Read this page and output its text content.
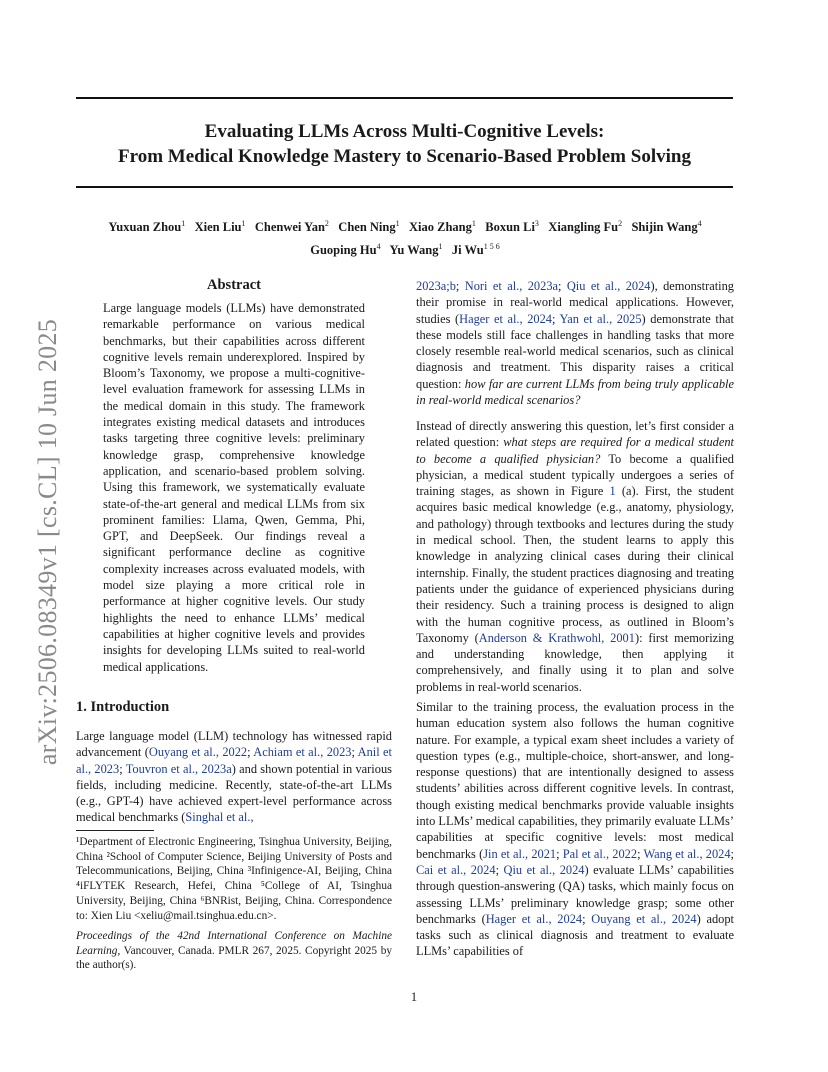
Evaluating LLMs Across Multi-Cognitive Levels:
From Medical Knowledge Mastery to Scenario-Based Problem Solving
Yuxuan Zhou$^1$ Xien Liu$^1$ Chenwei Yan$^2$ Chen Ning$^1$ Xiao Zhang$^1$ Boxun Li$^3$ Xiangling Fu$^2$ Shijin Wang$^4$
Guoping Hu$^4$ Yu Wang$^1$ Ji $Wu^{1 5 6}$
arXiv:2506.08349v1 [cs.CL] 10 Jun 2025
Abstract
Large language models (LLMs) have demonstrated remarkable performance on various medical benchmarks, but their capabilities across different cognitive levels remain underexplored. Inspired by Bloom’s Taxonomy, we propose a multi-cognitive-level evaluation framework for assessing LLMs in the medical domain in this study. The framework integrates existing medical datasets and introduces tasks targeting three cognitive levels: preliminary knowledge grasp, comprehensive knowledge application, and scenario-based problem solving. Using this framework, we systematically evaluate state-of-the-art general and medical LLMs from six prominent families: Llama, Qwen, Gemma, Phi, GPT, and DeepSeek. Our findings reveal a significant performance decline as cognitive complexity increases across evaluated models, with model size playing a more critical role in performance at higher cognitive levels. Our study highlights the need to enhance LLMs’ medical capabilities at higher cognitive levels and provides insights for developing LLMs suited to real-world medical applications.
1. Introduction

Large language model (LLM) technology has witnessed rapid advancement (Ouyang et al., 2022; Achiam et al., 2023; Anil et al., 2023; Touvron et al., 2023a) and shown potential in various fields, including medicine. Recently, state-of-the-art LLMs (e.g., GPT-4) have achieved expert-level performance across medical benchmarks (Singhal et al.,

¹Department of Electronic Engineering, Tsinghua University, Beijing, China ²School of Computer Science, Beijing University of Posts and Telecommunications, Beijing, China ³Infinigence-AI, Beijing, China ⁴iFLYTEK Research, Hefei, China ⁵College of AI, Tsinghua University, Beijing, China ⁶BNRist, Beijing, China. Correspondence to: Xien Liu <xeliu@mail.tsinghua.edu.cn>.
Proceedings of the 42nd International Conference on Machine Learning, Vancouver, Canada. PMLR 267, 2025. Copyright 2025 by the author(s).

2023a;b; Nori et al., 2023a; Qiu et al., 2024), demonstrating their promise in real-world medical applications. However, studies (Hager et al., 2024; Yan et al., 2025) demonstrate that these models still face challenges in handling tasks that more closely resemble real-world medical scenarios, such as clinical diagnosis and treatment. This disparity raises a critical question: how far are current LLMs from being truly applicable in real-world medical scenarios?

Instead of directly answering this question, let’s first consider a related question: what steps are required for a medical student to become a qualified physician? To become a qualified physician, a medical student typically undergoes a series of training stages, as shown in Figure 1 (a). First, the student acquires basic medical knowledge (e.g., anatomy, physiology, and pathology) through textbooks and lectures during the study in medical school. Then, the student learns to apply this knowledge in analyzing clinical cases during their clinical internship. Finally, the student practices diagnosing and treating patients under the guidance of experienced physicians during their residency. Such a training process is designed to align with the human cognitive process, as outlined in Bloom’s Taxonomy (Anderson & Krathwohl, 2001): first memorizing and understanding knowledge, then applying it comprehensively, and finally using it to plan and solve problems in real-world scenarios.

Similar to the training process, the evaluation process in the human education system also follows the human cognitive nature. For example, a typical exam sheet includes a variety of question types (e.g., multiple-choice, short-answer, and long-response questions) that are intentionally designed to assess students’ abilities across different cognitive levels. In contrast, though existing medical benchmarks provide valuable insights into LLMs’ medical capabilities, they primarily evaluate LLMs’ capabilities at specific cognitive levels: most medical benchmarks (Jin et al., 2021; Pal et al., 2022; Wang et al., 2024; Cai et al., 2024; Qiu et al., 2024) evaluate LLMs’ capabilities through question-answering (QA) tasks, which mainly focus on assessing LLMs’ preliminary knowledge grasp; some other benchmarks (Hager et al., 2024; Ouyang et al., 2024) adopt tasks such as clinical diagnosis and treatment to evaluate LLMs’ capabilities of

1
